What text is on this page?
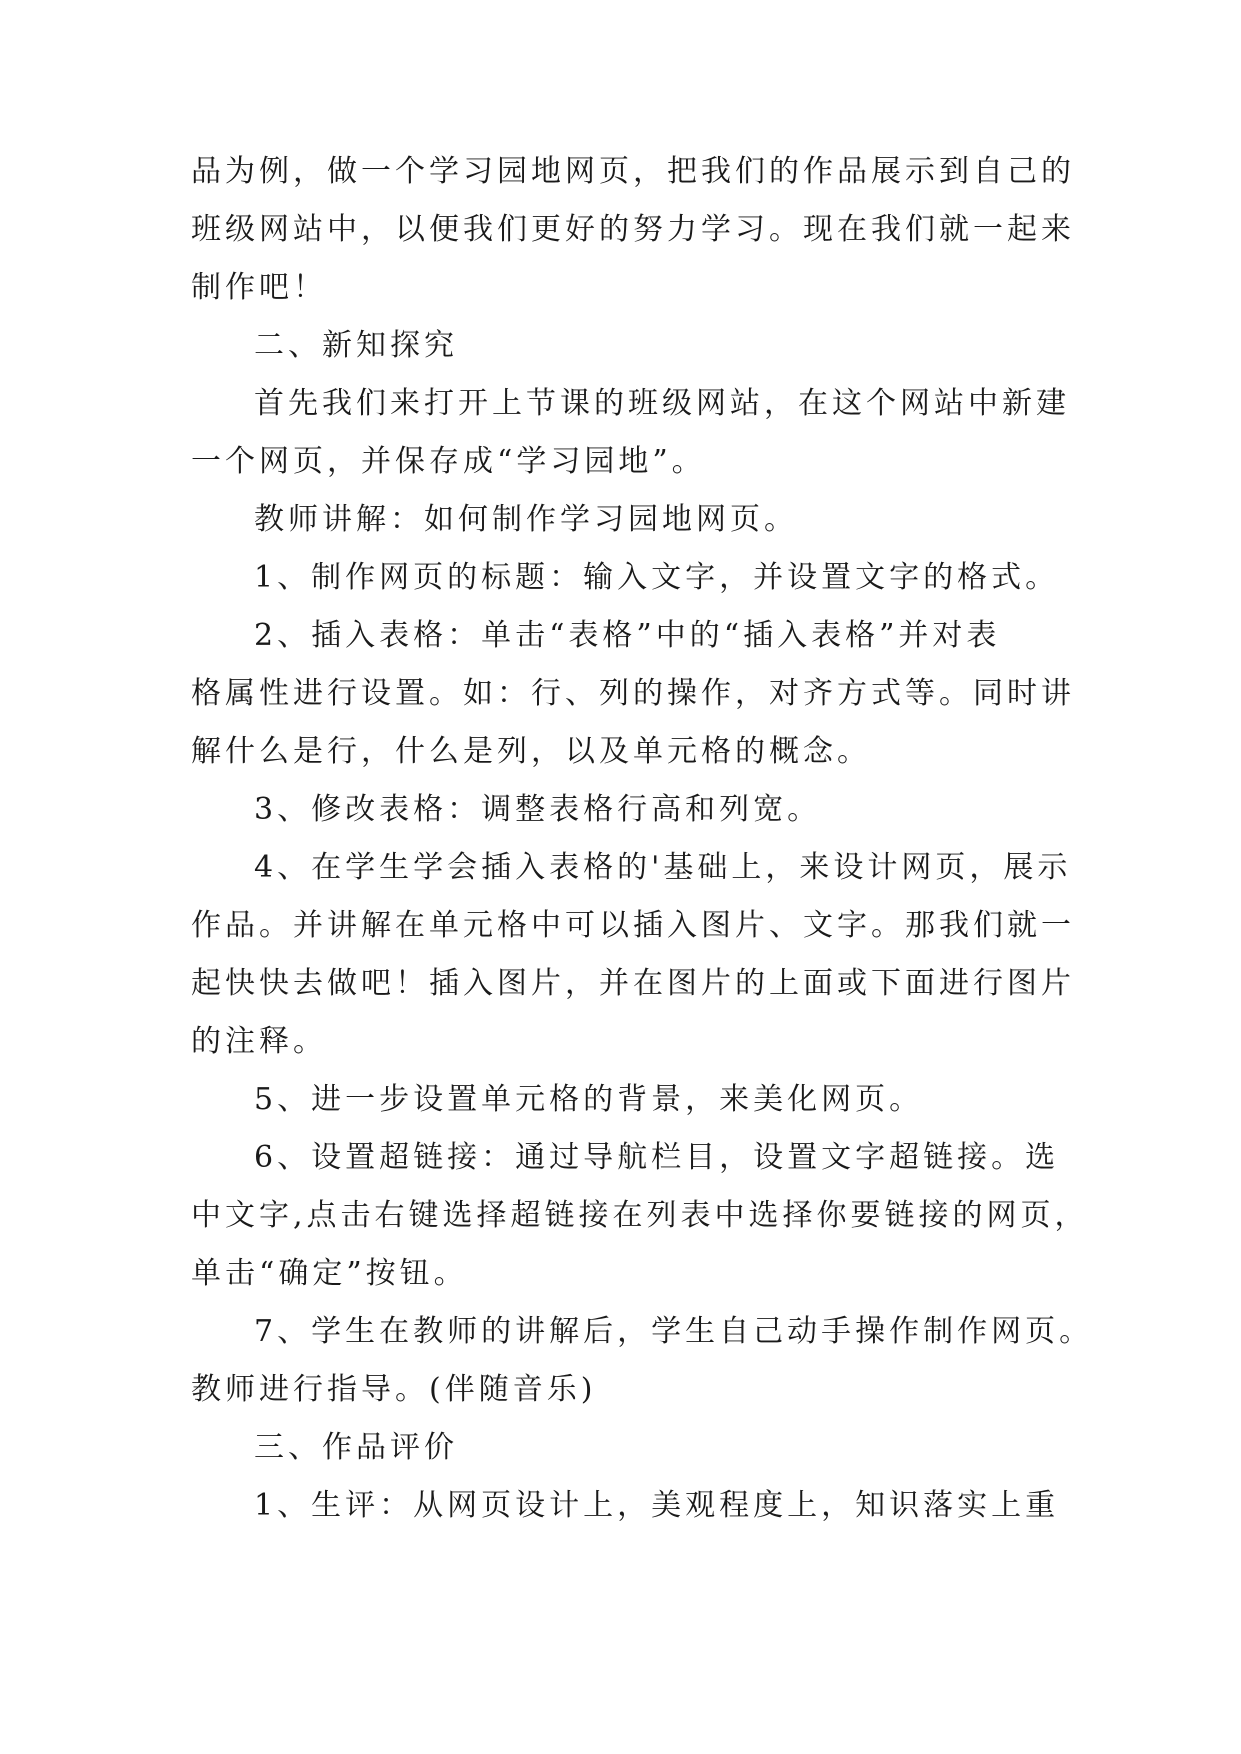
品为例，做一个学习园地网页，把我们的作品展示到自己的
班级网站中，以便我们更好的努力学习。现在我们就一起来
制作吧！
二、新知探究
首先我们来打开上节课的班级网站，在这个网站中新建
一个网页，并保存成“学习园地”。
教师讲解：如何制作学习园地网页。
1、制作网页的标题：输入文字，并设置文字的格式。
2、插入表格：单击“表格”中的“插入表格”并对表
格属性进行设置。如：行、列的操作，对齐方式等。同时讲
解什么是行，什么是列，以及单元格的概念。
3、修改表格：调整表格行高和列宽。
4、在学生学会插入表格的'基础上，来设计网页，展示
作品。并讲解在单元格中可以插入图片、文字。那我们就一
起快快去做吧！插入图片，并在图片的上面或下面进行图片
的注释。
5、进一步设置单元格的背景，来美化网页。
6、设置超链接：通过导航栏目，设置文字超链接。选
中文字,点击右键选择超链接在列表中选择你要链接的网页，
单击“确定”按钮。
7、学生在教师的讲解后，学生自己动手操作制作网页。
教师进行指导。(伴随音乐)
三、作品评价
1、生评：从网页设计上，美观程度上，知识落实上重
